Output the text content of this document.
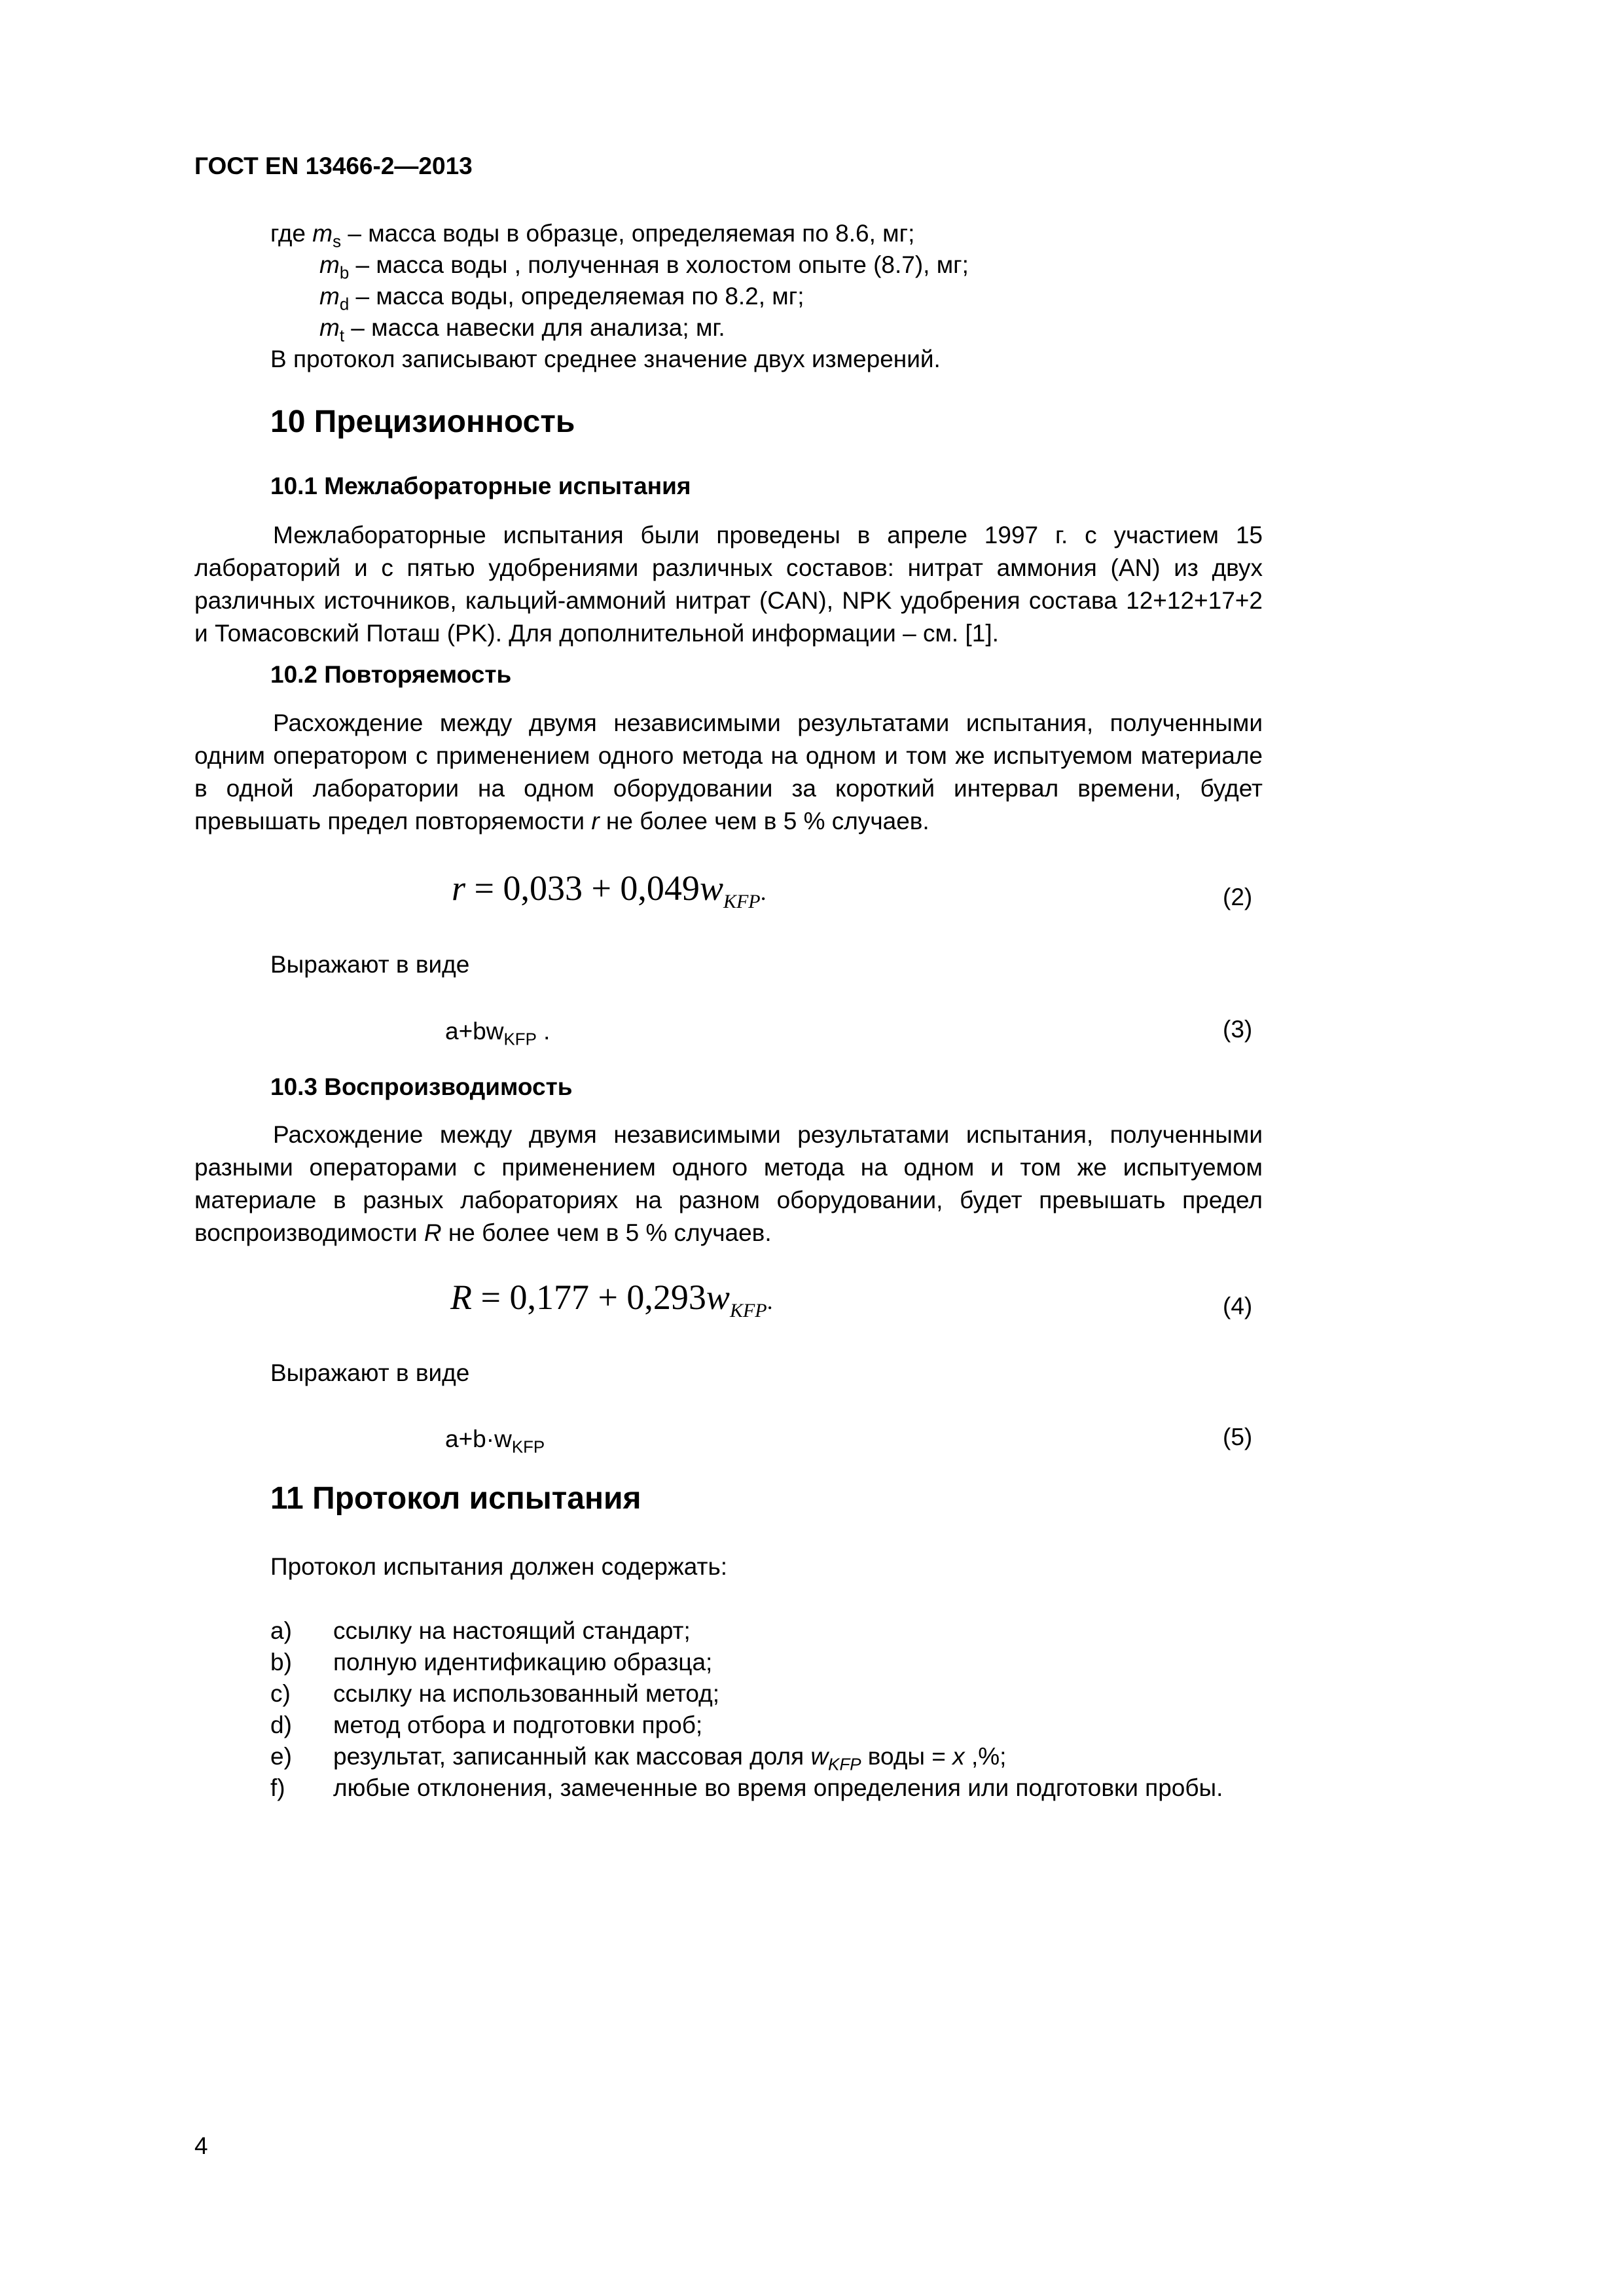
ГОСТ EN 13466-2—2013
где $m_s$ – масса воды в образце, определяемая по 8.6, мг;
$m_b$ – масса воды , полученная в холостом опыте (8.7), мг;
$m_d$ – масса воды, определяемая по 8.2, мг;
$m_t$ – масса навески для анализа; мг.
В протокол записывают среднее значение двух измерений.
10 Прецизионность
10.1 Межлабораторные испытания

Межлабораторные испытания были проведены в апреле 1997 г. с участием 15 лабораторий и с пятью удобрениями различных составов: нитрат аммония (AN) из двух различных источников, кальций-аммоний нитрат (CAN), NPK удобрения состава 12+12+17+2 и Томасовский Поташ (PK). Для дополнительной информации – см. [1].

10.2 Повторяемость

Расхождение между двумя независимыми результатами испытания, полученными одним оператором с применением одного метода на одном и том же испытуемом материале в одной лаборатории на одном оборудовании за короткий интервал времени, будет превышать предел повторяемости r не более чем в 5 % случаев.

$r = 0,033 + 0,049w_{KFP}$.	(2)
Выражают в виде
$a+bw_{KFP}$ .	(3)
10.3 Воспроизводимость

Расхождение между двумя независимыми результатами испытания, полученными разными операторами с применением одного метода на одном и том же испытуемом материале в разных лабораториях на разном оборудовании, будет превышать предел воспроизводимости R не более чем в 5 % случаев.

$R = 0,177 + 0,293w_{KFP}$.	(4)
Выражают в виде
$a+b\cdot w_{KFP}$	(5)
11 Протокол испытания
Протокол испытания должен содержать:
a)	ссылку на настоящий стандарт;
b)	полную идентификацию образца;
c)	ссылку на использованный метод;
d)	метод отбора и подготовки проб;
e)	результат, записанный как массовая доля $w_{KFP}$ воды = x ,%;
f)	любые отклонения, замеченные во время определения или подготовки пробы.
4
